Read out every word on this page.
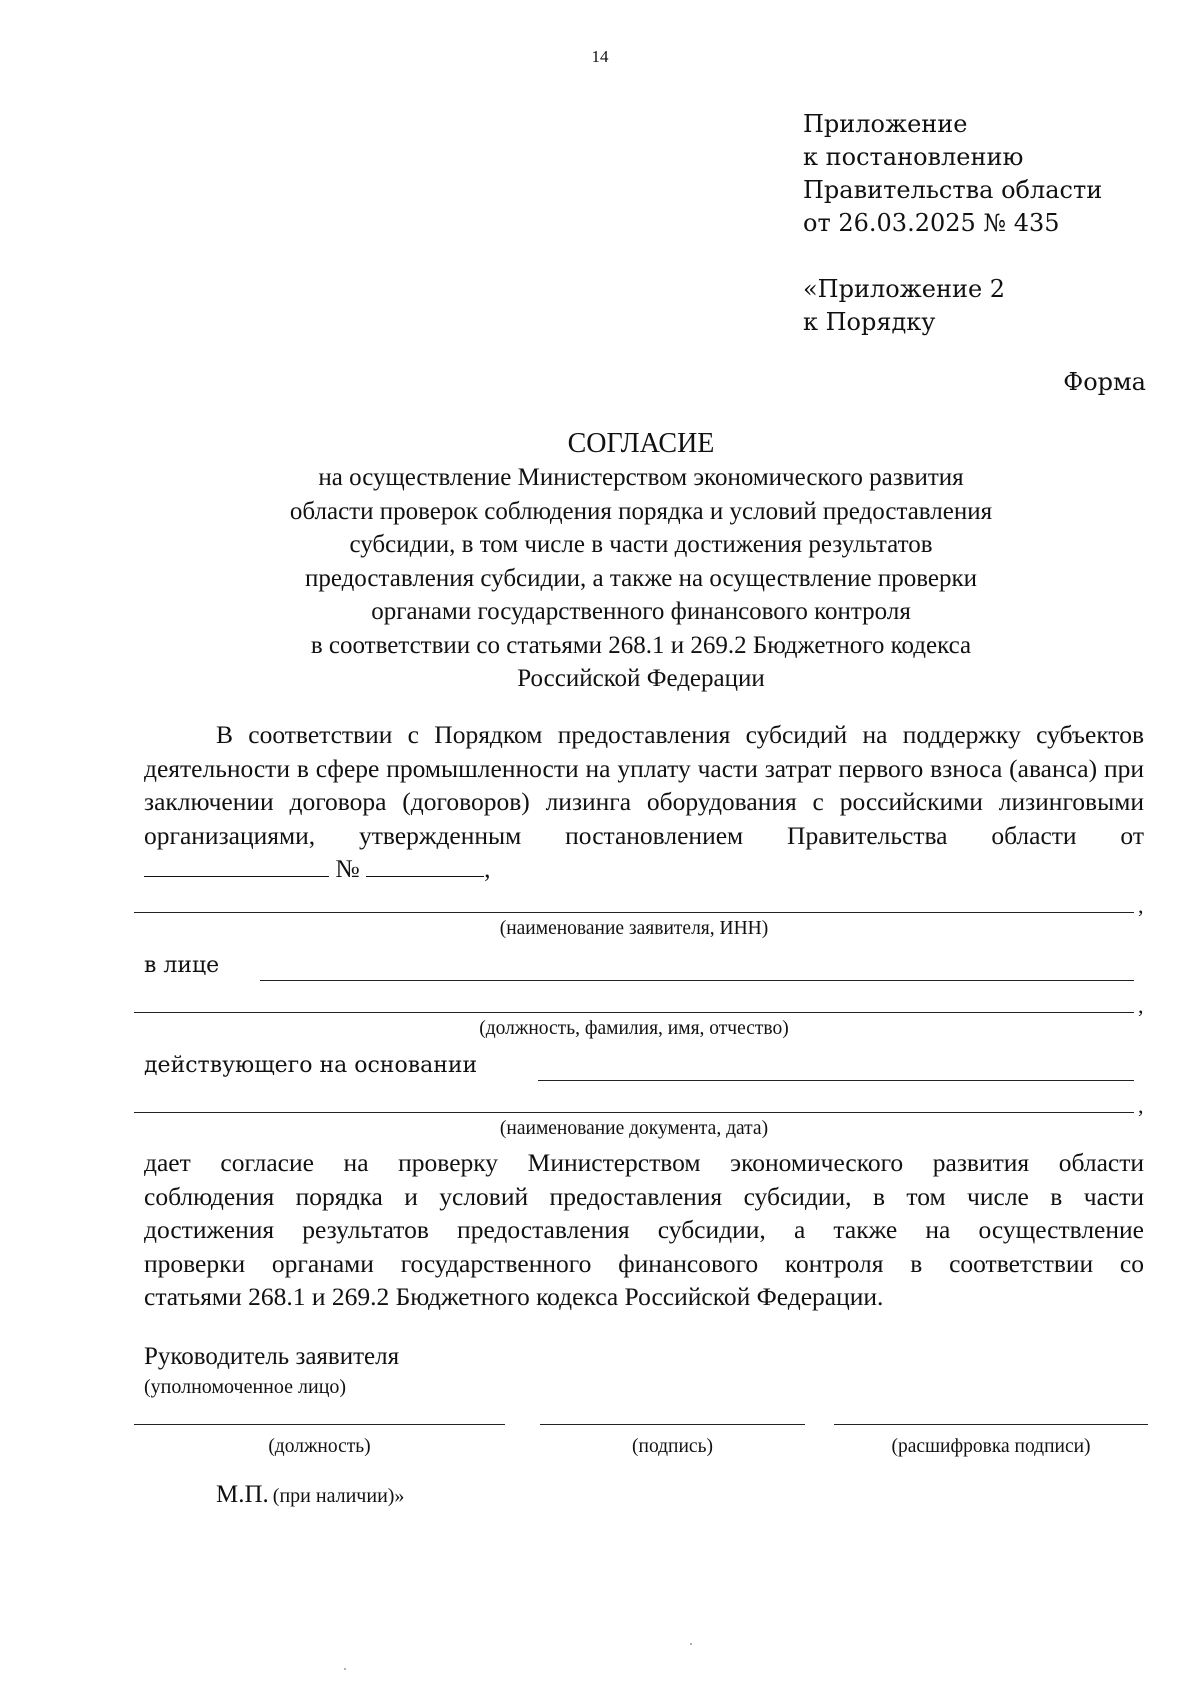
14
Приложение
к постановлению
Правительства области
от 26.03.2025 № 435
«Приложение 2
к Порядку
Форма
СОГЛАСИЕ
на осуществление Министерством экономического развития
области проверок соблюдения порядка и условий предоставления
субсидии, в том числе в части достижения результатов
предоставления субсидии, а также на осуществление проверки
органами государственного финансового контроля
в соответствии со статьями 268.1 и 269.2 Бюджетного кодекса
Российской Федерации
В соответствии с Порядком предоставления субсидий на поддержку субъектов деятельности в сфере промышленности на уплату части затрат первого взноса (аванса) при заключении договора (договоров) лизинга оборудования с российскими лизинговыми организациями, утвержденным постановлением Правительства области от  №	,
,
(наименование заявителя, ИНН)
в лице
,
(должность, фамилия, имя, отчество)
действующего на основании
,
(наименование документа, дата)

дает согласие на проверку Министерством экономического развития области

соблюдения порядка и условий предоставления субсидии, в том числе в части

достижения результатов предоставления субсидии, а также на осуществление

проверки органами государственного финансового контроля в соответствии со

статьями 268.1 и 269.2 Бюджетного кодекса Российской Федерации.

Руководитель заявителя
(уполномоченное лицо)
(должность)	(подпись)	(расшифровка подписи)
М.П. (при наличии)»
